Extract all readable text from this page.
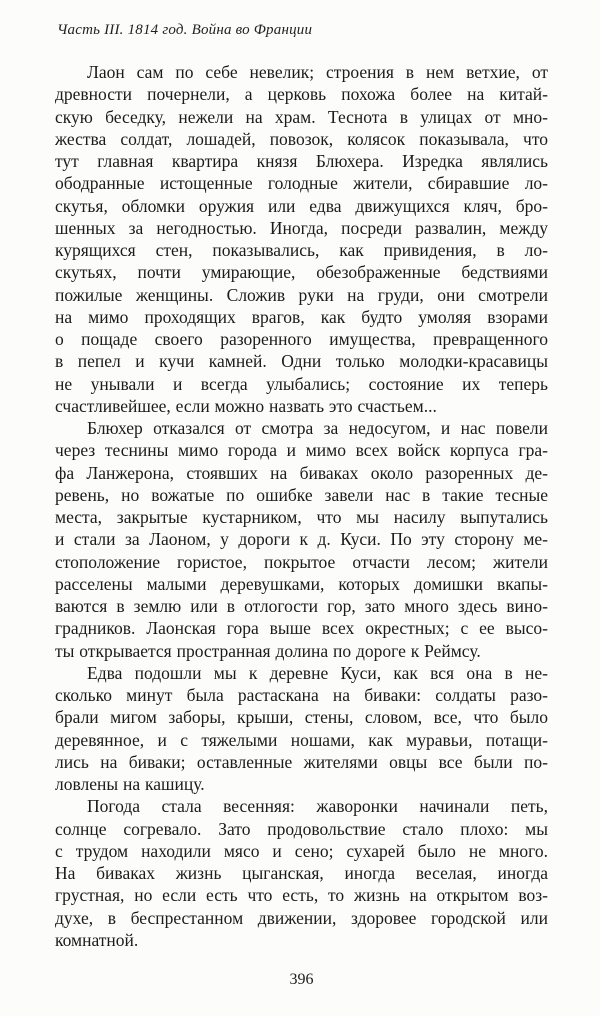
Часть III. 1814 год. Война во Франции
Лаон сам по себе невелик; строения в нем ветхие, от
древности почернели, а церковь похожа более на китай-
скую беседку, нежели на храм. Теснота в улицах от мно-
жества солдат, лошадей, повозок, колясок показывала, что
тут главная квартира князя Блюхера. Изредка являлись
ободранные истощенные голодные жители, сбиравшие ло-
скутья, обломки оружия или едва движущихся кляч, бро-
шенных за негодностью. Иногда, посреди развалин, между
курящихся стен, показывались, как привидения, в ло-
скутьях, почти умирающие, обезображенные бедствиями
пожилые женщины. Сложив руки на груди, они смотрели
на мимо проходящих врагов, как будто умоляя взорами
о пощаде своего разоренного имущества, превращенного
в пепел и кучи камней. Одни только молодки-красавицы
не унывали и всегда улыбались; состояние их теперь
счастливейшее, если можно назвать это счастьем...
Блюхер отказался от смотра за недосугом, и нас повели
через теснины мимо города и мимо всех войск корпуса гра-
фа Ланжерона, стоявших на биваках около разоренных де-
ревень, но вожатые по ошибке завели нас в такие тесные
места, закрытые кустарником, что мы насилу выпутались
и стали за Лаоном, у дороги к д. Куси. По эту сторону ме-
стоположение гористое, покрытое отчасти лесом; жители
расселены малыми деревушками, которых домишки вкапы-
ваются в землю или в отлогости гор, зато много здесь вино-
градников. Лаонская гора выше всех окрестных; с ее высо-
ты открывается пространная долина по дороге к Реймсу.
Едва подошли мы к деревне Куси, как вся она в не-
сколько минут была растаскана на биваки: солдаты разо-
брали мигом заборы, крыши, стены, словом, все, что было
деревянное, и с тяжелыми ношами, как муравьи, потащи-
лись на биваки; оставленные жителями овцы все были по-
ловлены на кашицу.
Погода стала весенняя: жаворонки начинали петь,
солнце согревало. Зато продовольствие стало плохо: мы
с трудом находили мясо и сено; сухарей было не много.
На биваках жизнь цыганская, иногда веселая, иногда
грустная, но если есть что есть, то жизнь на открытом воз-
духе, в беспрестанном движении, здоровее городской или
комнатной.
396
